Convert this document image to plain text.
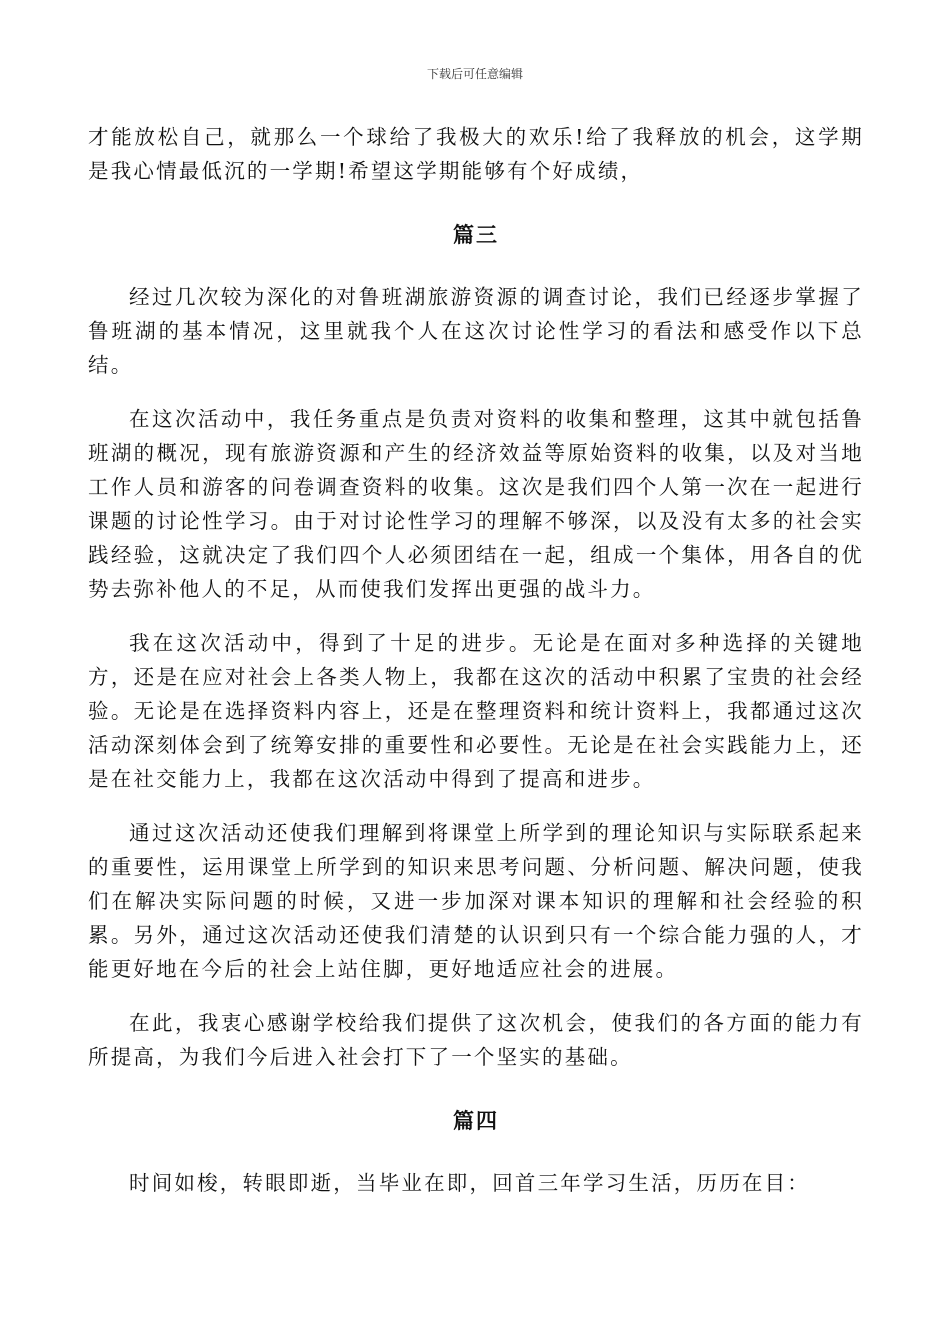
下载后可任意编辑

才能放松自己，就那么一个球给了我极大的欢乐!给了我释放的机会，这学期是我心情最低沉的一学期!希望这学期能够有个好成绩，

篇三

经过几次较为深化的对鲁班湖旅游资源的调查讨论，我们已经逐步掌握了鲁班湖的基本情况，这里就我个人在这次讨论性学习的看法和感受作以下总结。

在这次活动中，我任务重点是负责对资料的收集和整理，这其中就包括鲁班湖的概况，现有旅游资源和产生的经济效益等原始资料的收集，以及对当地工作人员和游客的问卷调查资料的收集。这次是我们四个人第一次在一起进行课题的讨论性学习。由于对讨论性学习的理解不够深，以及没有太多的社会实践经验，这就决定了我们四个人必须团结在一起，组成一个集体，用各自的优势去弥补他人的不足，从而使我们发挥出更强的战斗力。

我在这次活动中，得到了十足的进步。无论是在面对多种选择的关键地方，还是在应对社会上各类人物上，我都在这次的活动中积累了宝贵的社会经验。无论是在选择资料内容上，还是在整理资料和统计资料上，我都通过这次活动深刻体会到了统筹安排的重要性和必要性。无论是在社会实践能力上，还是在社交能力上，我都在这次活动中得到了提高和进步。

通过这次活动还使我们理解到将课堂上所学到的理论知识与实际联系起来的重要性，运用课堂上所学到的知识来思考问题、分析问题、解决问题，使我们在解决实际问题的时候，又进一步加深对课本知识的理解和社会经验的积累。另外，通过这次活动还使我们清楚的认识到只有一个综合能力强的人，才能更好地在今后的社会上站住脚，更好地适应社会的进展。

在此，我衷心感谢学校给我们提供了这次机会，使我们的各方面的能力有所提高，为我们今后进入社会打下了一个坚实的基础。

篇四

时间如梭，转眼即逝，当毕业在即，回首三年学习生活，历历在目：
